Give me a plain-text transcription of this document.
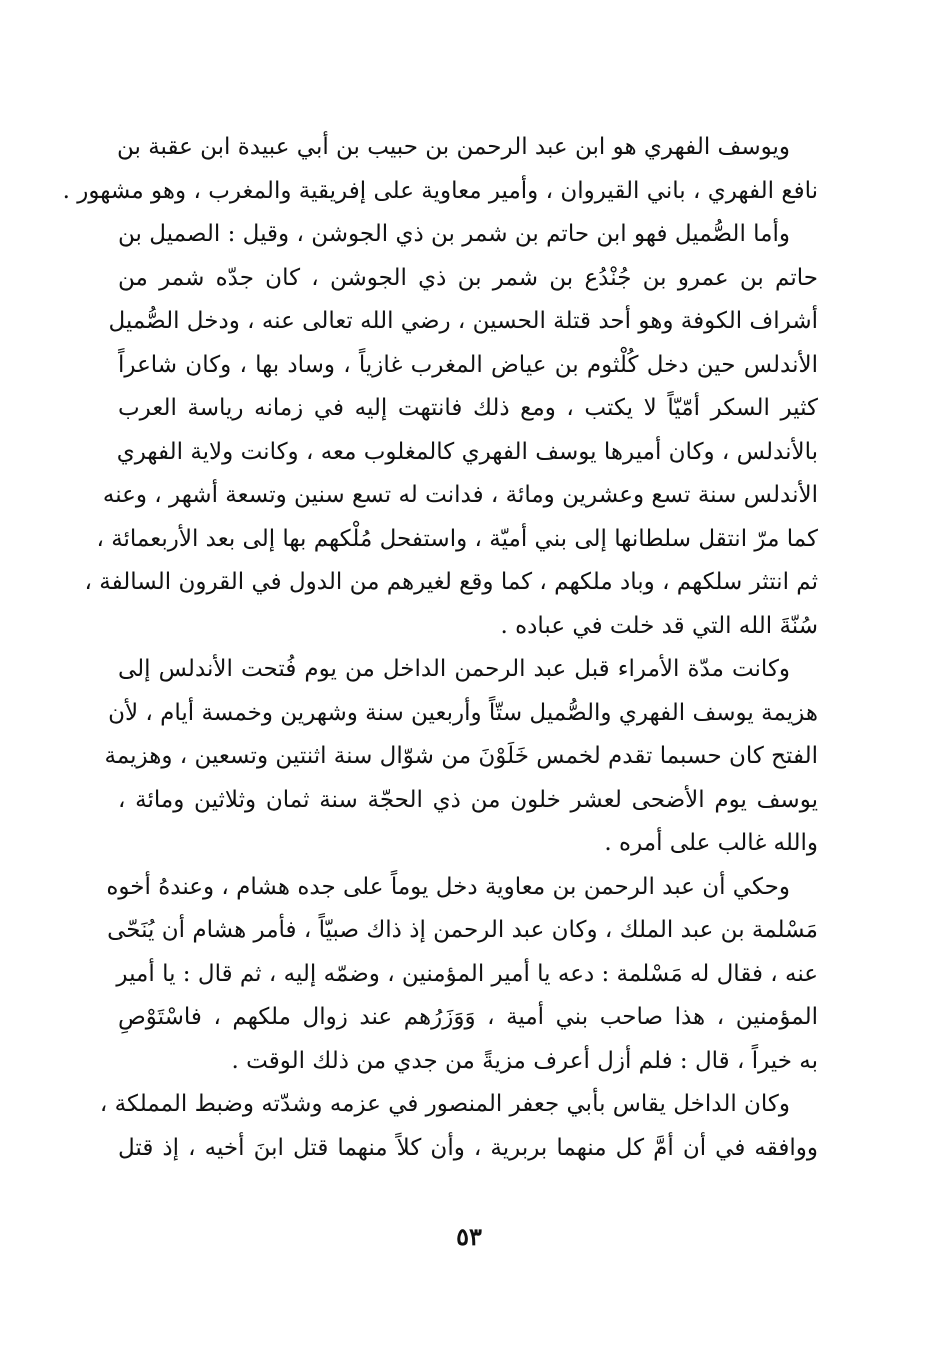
ويوسف الفهري هو ابن عبد الرحمن بن حبيب بن أبي عبيدة ابن عقبة بن
نافع الفهري ، باني القيروان ، وأمير معاوية على إفريقية والمغرب ، وهو مشهور .
وأما الصُّميل فهو ابن حاتم بن شمر بن ذي الجوشن ، وقيل : الصميل بن
حاتم بن عمرو بن جُنْدُع بن شمر بن ذي الجوشن ، كان جدّه شمر من
أشراف الكوفة وهو أحد قتلة الحسين ، رضي الله تعالى عنه ، ودخل الصُّميل
الأندلس حين دخل كُلْثوم بن عياض المغرب غازياً ، وساد بها ، وكان شاعراً
كثير السكر أمّيّاً لا يكتب ، ومع ذلك فانتهت إليه في زمانه رياسة العرب
بالأندلس ، وكان أميرها يوسف الفهري كالمغلوب معه ، وكانت ولاية الفهري
الأندلس سنة تسع وعشرين ومائة ، فدانت له تسع سنين وتسعة أشهر ، وعنه
كما مرّ انتقل سلطانها إلى بني أميّة ، واستفحل مُلْكهم بها إلى بعد الأربعمائة ،
ثم انتثر سلكهم ، وباد ملكهم ، كما وقع لغيرهم من الدول في القرون السالفة ،
سُنّةَ الله التي قد خلت في عباده .
وكانت مدّة الأمراء قبل عبد الرحمن الداخل من يوم فُتحت الأندلس إلى
هزيمة يوسف الفهري والصُّميل ستّاً وأربعين سنة وشهرين وخمسة أيام ، لأن
الفتح كان حسبما تقدم لخمس خَلَوْنَ من شوّال سنة اثنتين وتسعين ، وهزيمة
يوسف يوم الأضحى لعشر خلون من ذي الحجّة سنة ثمان وثلاثين ومائة ،
والله غالب على أمره .
وحكي أن عبد الرحمن بن معاوية دخل يوماً على جده هشام ، وعندهُ أخوه
مَسْلمة بن عبد الملك ، وكان عبد الرحمن إذ ذاك صبيّاً ، فأمر هشام أن يُنَحّى
عنه ، فقال له مَسْلمة : دعه يا أمير المؤمنين ، وضمّه إليه ، ثم قال : يا أمير
المؤمنين ، هذا صاحب بني أمية ، وَوَزَرُهم عند زوال ملكهم ، فاسْتَوْصِ
به خيراً ، قال : فلم أزل أعرف مزيةً من جدي من ذلك الوقت .
وكان الداخل يقاس بأبي جعفر المنصور في عزمه وشدّته وضبط المملكة ،
ووافقه في أن أمَّ كل منهما بربرية ، وأن كلاً منهما قتل ابنَ أخيه ، إذ قتل
٥٣
